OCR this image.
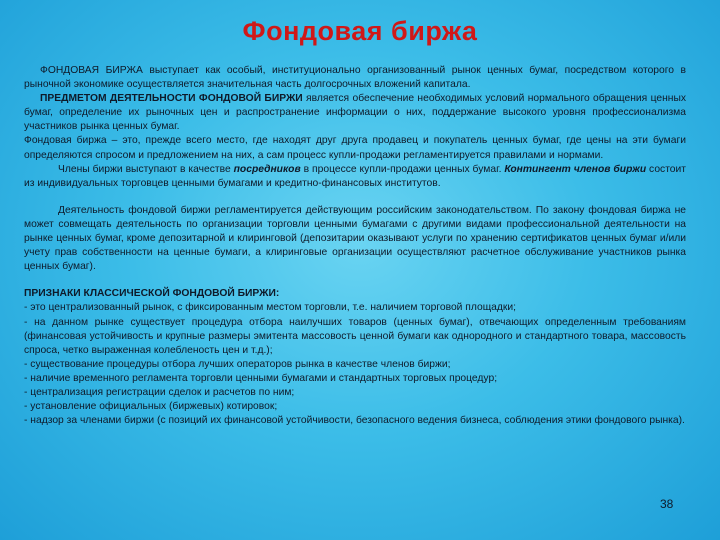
Фондовая биржа

ФОНДОВАЯ БИРЖА выступает как особый, институционально организованный рынок ценных бумаг, посредством которого в рыночной экономике осуществляется значительная часть долгосрочных вложений капитала.

ПРЕДМЕТОМ ДЕЯТЕЛЬНОСТИ ФОНДОВОЙ БИРЖИ является обеспечение необходимых условий нормального обращения ценных бумаг, определение их рыночных цен и распространение информации о них, поддержание высокого уровня профессионализма участников рынка ценных бумаг.

Фондовая биржа – это, прежде всего место, где находят друг друга продавец и покупатель ценных бумаг, где цены на эти бумаги определяются спросом и предложением на них, а сам процесс купли-продажи регламентируется правилами и нормами.

Члены биржи выступают в качестве посредников в процессе купли-продажи ценных бумаг. Контингент членов биржи состоит из индивидуальных торговцев ценными бумагами и кредитно-финансовых институтов.

Деятельность фондовой биржи регламентируется действующим российским законодательством. По закону фондовая биржа не может совмещать деятельность по организации торговли ценными бумагами с другими видами профессиональной деятельности на рынке ценных бумаг, кроме депозитарной и клиринговой (депозитарии оказывают услуги по хранению сертификатов ценных бумаг и/или учету прав собственности на ценные бумаги, а клиринговые организации осуществляют расчетное обслуживание участников рынка ценных бумаг).

ПРИЗНАКИ КЛАССИЧЕСКОЙ ФОНДОВОЙ БИРЖИ:

- это централизованный рынок, с фиксированным местом торговли, т.е. наличием торговой площадки;

- на данном рынке существует процедура отбора наилучших товаров (ценных бумаг), отвечающих определенным требованиям (финансовая устойчивость и крупные размеры эмитента массовость ценной бумаги как однородного и стандартного товара, массовость спроса, четко выраженная колебленость цен и т.д.);

- существование процедуры отбора лучших операторов рынка в качестве членов биржи;

- наличие временного регламента торговли ценными бумагами и стандартных торговых процедур;

- централизация регистрации сделок и расчетов по ним;

- установление официальных (биржевых) котировок;

- надзор за членами биржи (с позиций их финансовой устойчивости, безопасного ведения бизнеса, соблюдения этики фондового рынка).

38
